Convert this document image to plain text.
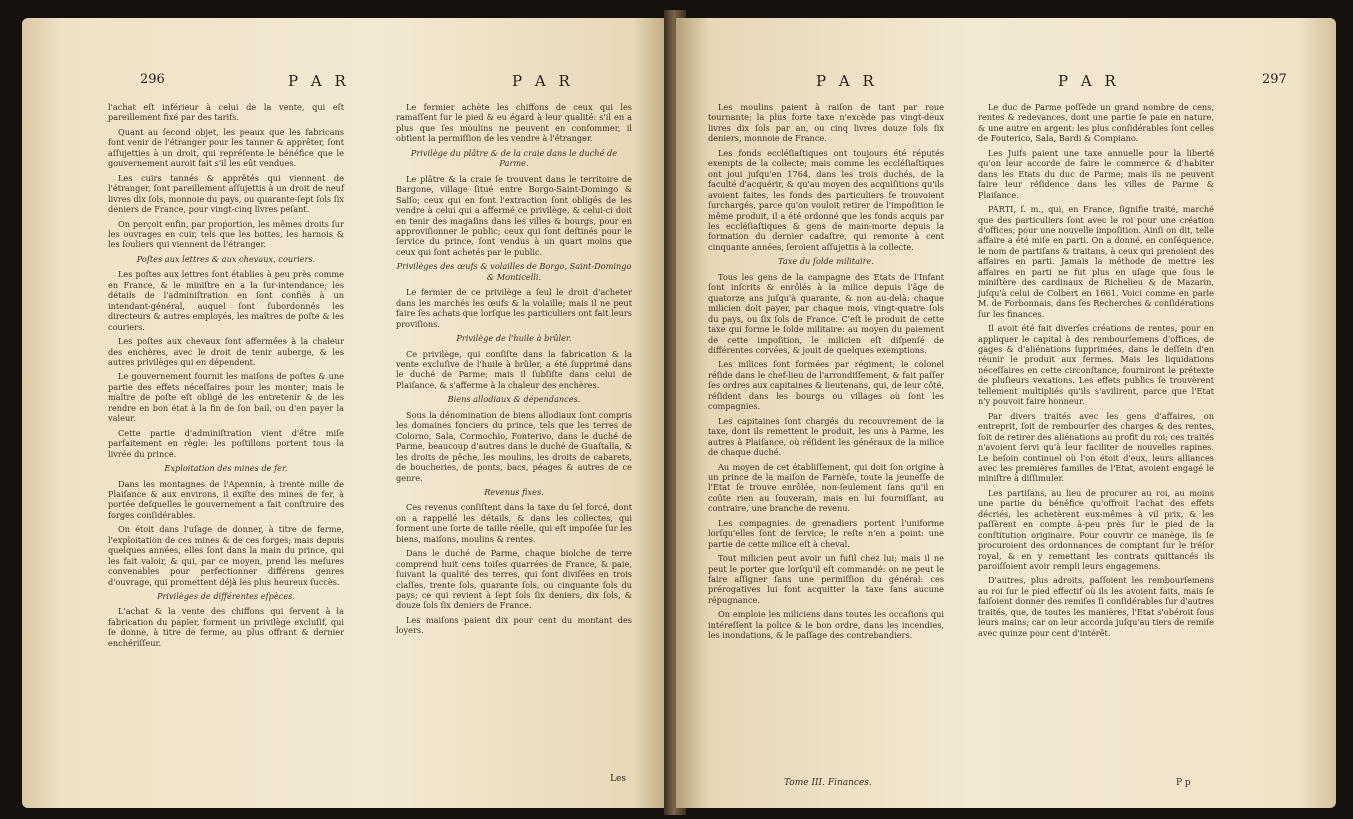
296	P A R	P A R

l'achat eſt inférieur à celui de la vente, qui eſt pareillement fixé par des tarifs.

Quant au ſecond objet, les peaux que les fabricans font venir de l'étranger pour les tanner & apprêter, ſont aſſujetties à un droit, qui repréſente le bénéfice que le gouvernement auroit fait s'il les eût vendues.

Les cuirs tannés & apprêtés qui viennent de l'étranger, ſont pareillement aſſujettis à un droit de neuf livres dix ſols, monnoie du pays, ou quarante-ſept ſols ſix deniers de France, pour vingt-cinq livres peſant.

On perçoit enfin, par proportion, les mêmes droits ſur les ouvrages en cuir, tels que les bottes, les harnois & les ſouliers qui viennent de l'étranger.

Poſtes aux lettres & aux chevaux, couriers.

Les poſtes aux lettres ſont établies à peu près comme en France, & le miniſtre en a la ſur-intendance; les détails de l'adminiſtration en ſont confiés à un intendant-général, auquel ſont ſubordonnés les directeurs & autres employés, les maîtres de poſte & les couriers.

Les poſtes aux chevaux ſont affermées à la chaleur des enchères, avec le droit de tenir auberge, & les autres privilèges qui en dépendent.

Le gouvernement fournit les maiſons de poſtes & une partie des effets néceſſaires pour les monter; mais le maître de poſte eſt obligé de les entretenir & de les rendre en bon état à la fin de ſon bail, ou d'en payer la valeur.

Cette partie d'adminiſtration vient d'être miſe parfaitement en règle: les poſtillons portent tous la livrée du prince.

Exploitation des mines de fer.

Dans les montagnes de l'Apennin, à trente mille de Plaiſance & aux environs, il exiſte des mines de fer, à portée deſquelles le gouvernement a fait conſtruire des forges conſidérables.

On étoit dans l'uſage de donner, à titre de ferme, l'exploitation de ces mines & de ces forges; mais depuis quelques années, elles ſont dans la main du prince, qui les fait valoir, & qui, par ce moyen, prend les meſures convenables pour perfectionner différens genres d'ouvrage, qui promettent déjà les plus heureux ſuccès.

Privilèges de différentes eſpèces.

L'achat & la vente des chiffons qui ſervent à la fabrication du papier, forment un privilège excluſif, qui ſe donne, à titre de ferme, au plus offrant & dernier enchériſſeur.

Le fermier achète les chiffons de ceux qui les ramaſſent ſur le pied & eu égard à leur qualité: s'il en a plus que ſes moulins ne peuvent en conſommer, il obtient la permiſſion de les vendre à l'étranger.

Privilège du plâtre & de la craie dans le duché de Parme.

Le plâtre & la craie ſe trouvent dans le territoire de Bargone, village ſitué entre Borgo-Saint-Domingo & Salſo; ceux qui en font l'extraction ſont obligés de les vendre à celui qui a affermé ce privilège, & celui-ci doit en tenir des magaſins dans les villes & bourgs, pour en approviſionner le public; ceux qui ſont deſtinés pour le ſervice du prince, ſont vendus à un quart moins que ceux qui ſont achetés par le public.

Privilèges des œufs & volailles de Borgo, Saint-Domingo & Monticelli.

Le fermier de ce privilège a ſeul le droit d'acheter dans les marchés les œufs & la volaille; mais il ne peut faire ſes achats que lorſque les particuliers ont fait leurs proviſions.

Privilège de l'huile à brûler.

Ce privilège, qui conſiſte dans la fabrication & la vente excluſive de l'huile à brûler, a été ſupprimé dans le duché de Parme; mais il ſubſiſte dans celui de Plaiſance, & s'afferme à la chaleur des enchères.

Biens allodiaux & dépendances.

Sous la dénomination de biens allodiaux ſont compris les domaines fonciers du prince, tels que les terres de Colorno, Sala, Cormochio, Fonterivo, dans le duché de Parme, beaucoup d'autres dans le duché de Guaſtalla, & les droits de pêche, les moulins, les droits de cabarets, de boucheries, de ponts, bacs, péages & autres de ce genre.

Revenus fixes.

Ces revenus conſiſtent dans la taxe du ſel forcé, dont on a rappellé les détails, & dans les collectes, qui forment une ſorte de taille réelle, qui eſt impoſée ſur les biens, maiſons, moulins & rentes.

Dans le duché de Parme, chaque biolche de terre comprend huit cens toiſes quarrées de France, & paie, ſuivant la qualité des terres, qui ſont diviſées en trois claſſes, trente ſols, quarante ſols, ou cinquante ſols du pays; ce qui revient à ſept ſols ſix deniers, dix ſols, & douze ſols ſix deniers de France.

Les maiſons paient dix pour cent du montant des loyers.

Les
P A R	P A R	297

Les moulins paient à raiſon de tant par roue tournante; la plus forte taxe n'excède pas vingt-deux livres dix ſols par an, ou cinq livres douze ſols ſix deniers, monnoie de France.

Les fonds eccléſiaſtiques ont toujours été réputés exempts de la collecte; mais comme les eccléſiaſtiques ont joui juſqu'en 1764, dans les trois duchés, de la faculté d'acquérir, & qu'au moyen des acquiſitions qu'ils avoient faites, les fonds des particuliers ſe trouvoient ſurchargés, parce qu'on vouloit retirer de l'impoſition le même produit, il a été ordonné que les fonds acquis par les eccléſiaſtiques & gens de main-morte depuis la formation du dernier cadaſtre, qui remonte à cent cinquante années, ſeroient aſſujettis à la collecte.

Taxe du ſolde militaire.

Tous les gens de la campagne des Etats de l'Infant ſont inſcrits & enrôlés à la milice depuis l'âge de quatorze ans juſqu'à quarante, & non au-delà: chaque milicien doit payer, par chaque mois, vingt-quatre ſols du pays, ou ſix ſols de France. C'eſt le produit de cette taxe qui forme le ſolde militaire: au moyen du paiement de cette impoſition, le milicien eſt diſpenſé de différentes corvées, & jouit de quelques exemptions.

Les milices ſont formées par régiment; le colonel réſide dans le chef-lieu de l'arrondiſſement, & fait paſſer ſes ordres aux capitaines & lieutenans, qui, de leur côté, réſident dans les bourgs ou villages où ſont les compagnies.

Les capitaines ſont chargés du recouvrement de la taxe, dont ils remettent le produit, les uns à Parme, les autres à Plaiſance, où réſident les généraux de la milice de chaque duché.

Au moyen de cet établiſſement, qui doit ſon origine à un prince de la maiſon de Farnèſe, toute la jeuneſſe de l'Etat ſe trouve enrôlée, non-ſeulement ſans qu'il en coûte rien au ſouverain, mais en lui fourniſſant, au contraire, une branche de revenu.

Les compagnies de grenadiers portent l'uniforme lorſqu'elles ſont de ſervice; le reſte n'en a point: une partie de cette milice eſt à cheval.

Tout milicien peut avoir un fuſil chez lui; mais il ne peut le porter que lorſqu'il eſt commandé: on ne peut le faire aſſigner ſans une permiſſion du général: ces prérogatives lui font acquitter la taxe ſans aucune répugnance.

On emploie les miliciens dans toutes les occaſions qui intéreſſent la police & le bon ordre, dans les incendies, les inondations, & le paſſage des contrebandiers.

Le duc de Parme poſſède un grand nombre de cens, rentes & redevances, dont une partie ſe paie en nature, & une autre en argent: les plus conſidérables ſont celles de Fouterico, Sala, Bardi & Compiano.

Les Juifs paient une taxe annuelle pour la liberté qu'on leur accorde de faire le commerce & d'habiter dans les Etats du duc de Parme; mais ils ne peuvent faire leur réſidence dans les villes de Parme & Plaiſance.

PARTI, ſ. m., qui, en France, ſignifie traité, marché que des particuliers ſont avec le roi pour une création d'offices, pour une nouvelle impoſition. Ainſi on dit, telle affaire a été miſe en parti. On a donné, en conſéquence, le nom de partiſans & traitans, à ceux qui prenoient des affaires en parti. Jamais la méthode de mettre les affaires en parti ne fut plus en uſage que ſous le miniſtère des cardinaux de Richelieu & de Mazarin, juſqu'à celui de Colbert en 1661. Voici comme en parle M. de Forbonnais, dans ſes Recherches & conſidérations ſur les finances.

Il avoit été fait diverſes créations de rentes, pour en appliquer le capital à des rembourſemens d'offices, de gages & d'aliénations ſupprimées, dans le deſſein d'en réunir le produit aux fermes. Mais les liquidations néceſſaires en cette circonſtance, fourniront le prétexte de pluſieurs vexations. Les effets publics ſe trouvèrent tellement multipliés qu'ils s'avilirent, parce que l'Etat n'y pouvoit faire honneur.

Par divers traités avec les gens d'affaires, on entreprit, ſoit de rembourſer des charges & des rentes, ſoit de retirer des aliénations au profit du roi; ces traités n'avoient ſervi qu'à leur faciliter de nouvelles rapines. Le beſoin continuel où l'on étoit d'eux, leurs alliances avec les premières familles de l'Etat, avoient engagé le miniſtre à diſſimuler.

Les partiſans, au lieu de procurer au roi, au moins une partie du bénéfice qu'offroit l'achat des effets décriés, les achetèrent eux-mêmes à vil prix, & les paſſèrent en compte à-peu près ſur le pied de la conſtitution originaire. Pour couvrir ce manège, ils ſe procuroient des ordonnances de comptant ſur le tréſor royal, & en y remettant les contrats quittancés ils paroiſſoient avoir rempli leurs engagemens.

D'autres, plus adroits, paſſoient les rembourſemens au roi ſur le pied effectif où ils les avoient faits, mais ſe faiſoient donner des remiſes ſi conſidérables ſur d'autres traités, que, de toutes les manières, l'Etat s'obéroit ſous leurs mains; car on leur accorda juſqu'au tiers de remiſe avec quinze pour cent d'intérêt.

Tome III. Finances.	P p
